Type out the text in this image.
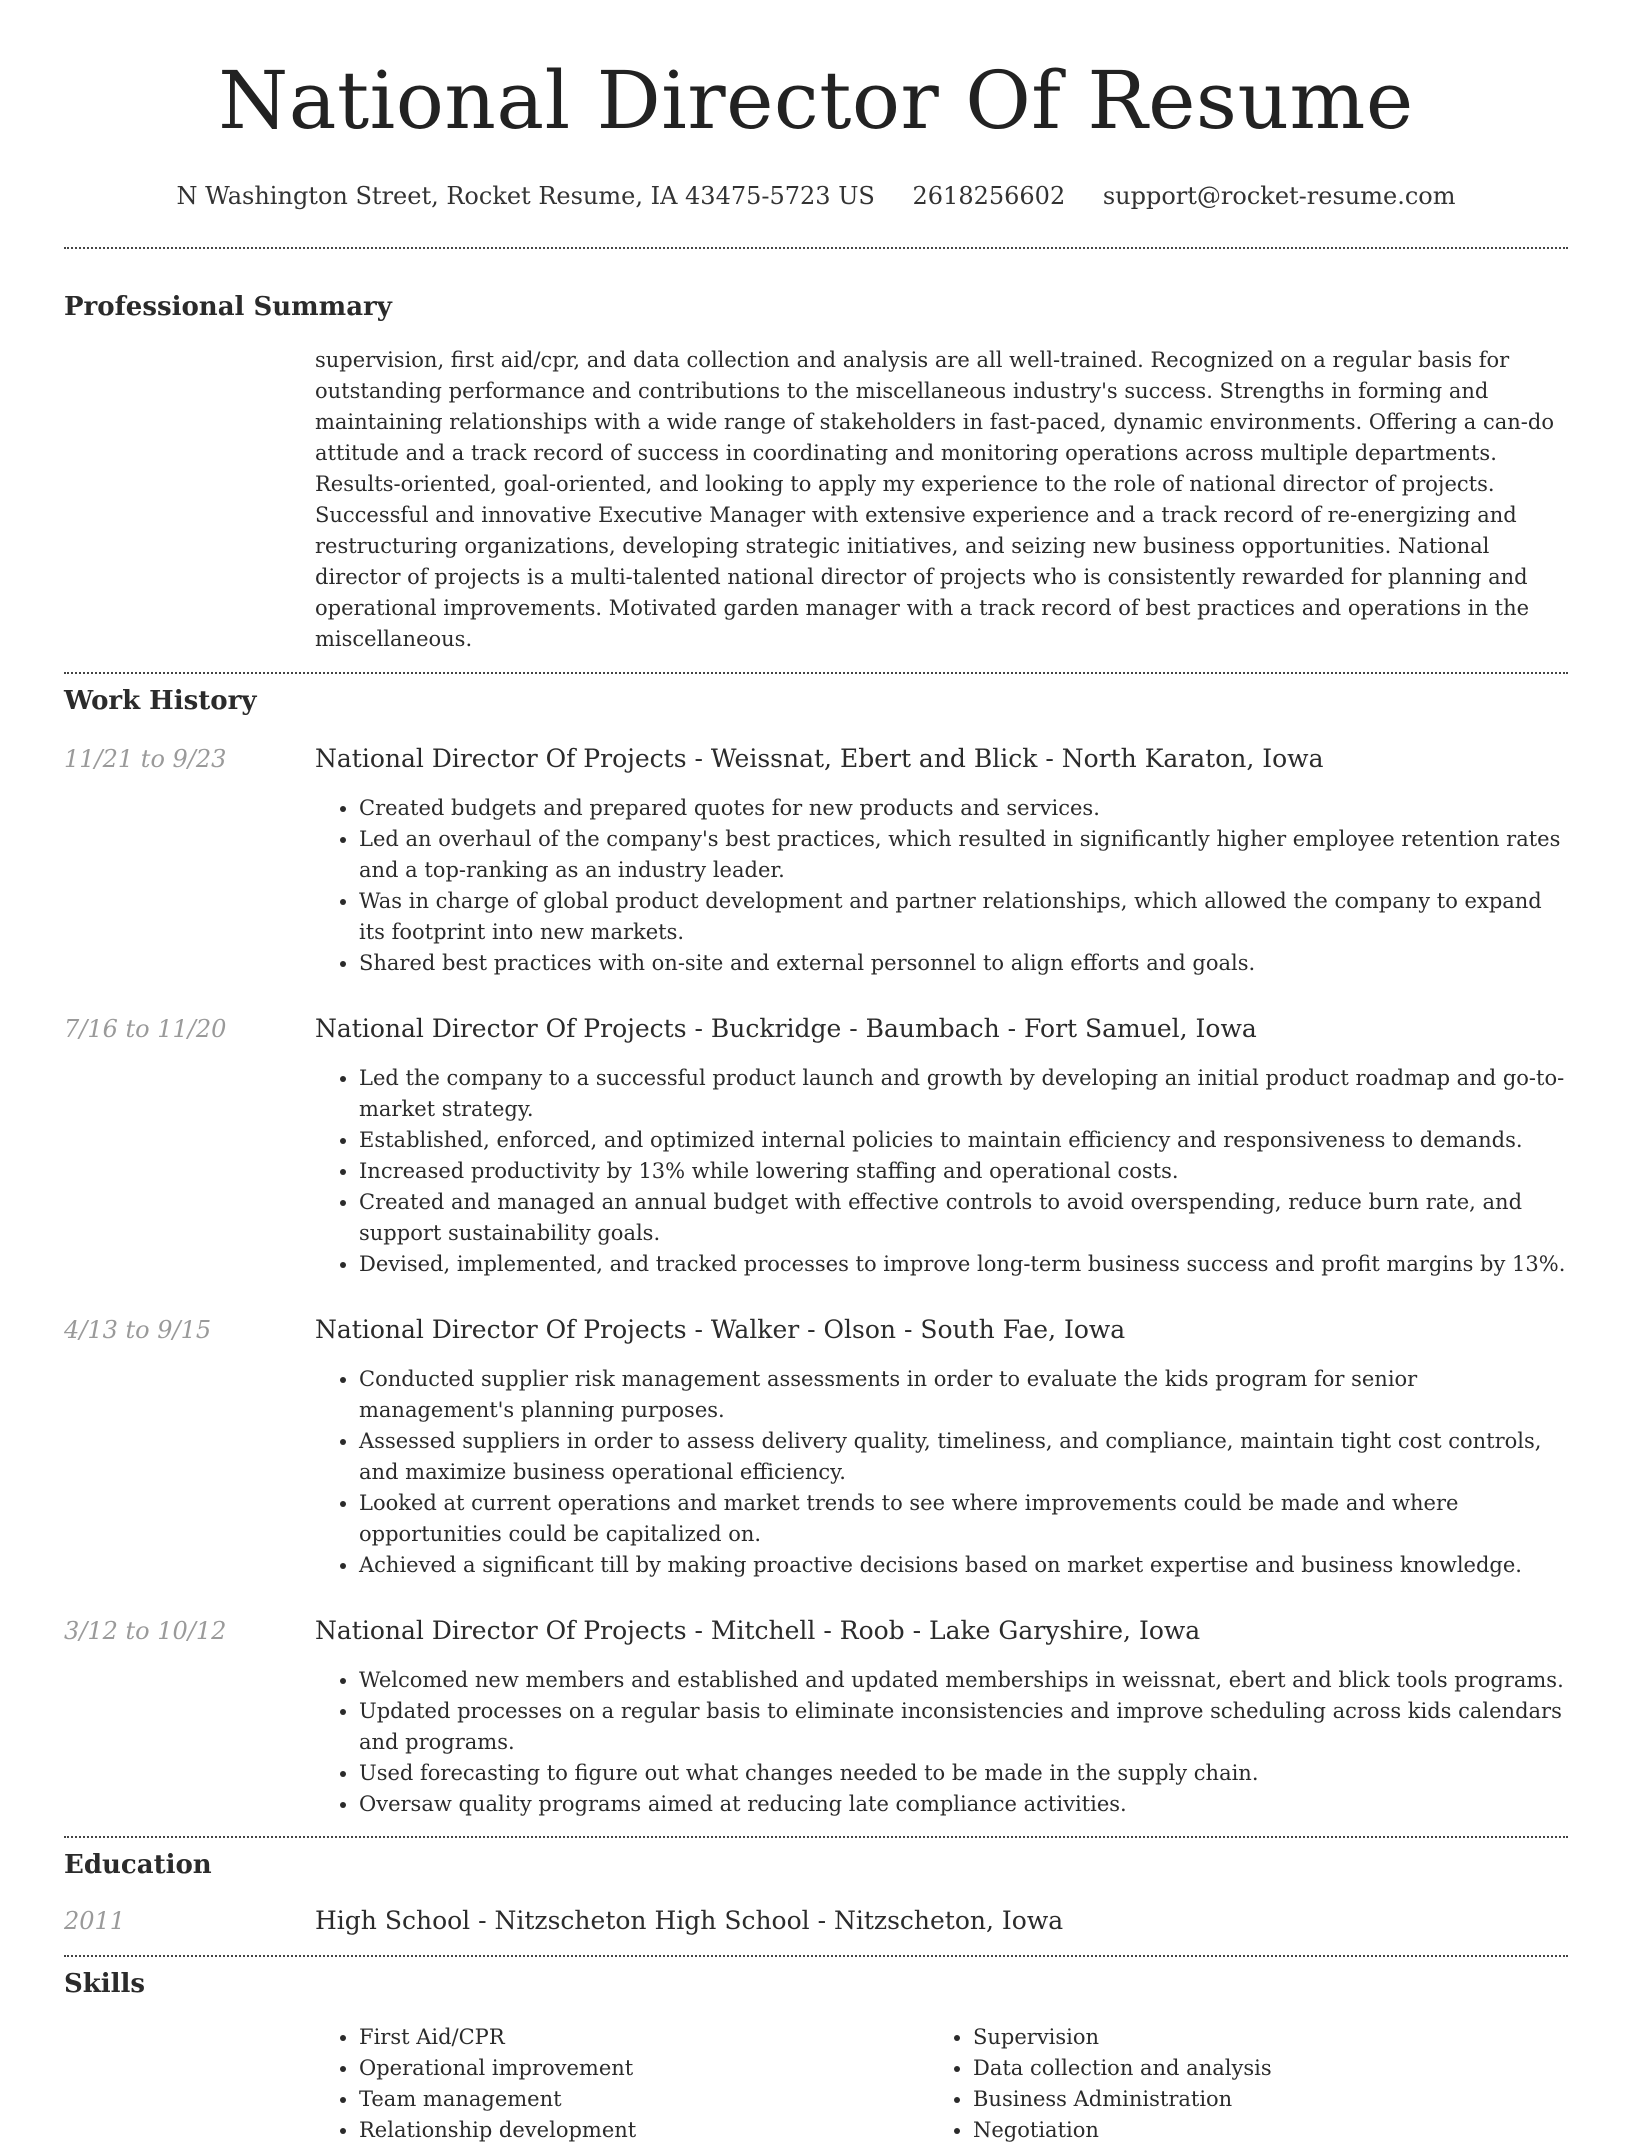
National Director Of Resume
N Washington Street, Rocket Resume, IA 43475-5723 US 2618256602 support@rocket-resume.com
Professional Summary
supervision, first aid/cpr, and data collection and analysis are all well-trained. Recognized on a regular basis for outstanding performance and contributions to the miscellaneous industry's success. Strengths in forming and maintaining relationships with a wide range of stakeholders in fast-paced, dynamic environments. Offering a can-do attitude and a track record of success in coordinating and monitoring operations across multiple departments. Results-oriented, goal-oriented, and looking to apply my experience to the role of national director of projects. Successful and innovative Executive Manager with extensive experience and a track record of re-energizing and restructuring organizations, developing strategic initiatives, and seizing new business opportunities. National director of projects is a multi-talented national director of projects who is consistently rewarded for planning and operational improvements. Motivated garden manager with a track record of best practices and operations in the miscellaneous.
Work History
11/21 to 9/23	National Director Of Projects - Weissnat, Ebert and Blick - North Karaton, Iowa
• Created budgets and prepared quotes for new products and services.
• Led an overhaul of the company's best practices, which resulted in significantly higher employee retention rates and a top-ranking as an industry leader.
• Was in charge of global product development and partner relationships, which allowed the company to expand its footprint into new markets.
• Shared best practices with on-site and external personnel to align efforts and goals.
7/16 to 11/20	National Director Of Projects - Buckridge - Baumbach - Fort Samuel, Iowa
• Led the company to a successful product launch and growth by developing an initial product roadmap and go-to-market strategy.
• Established, enforced, and optimized internal policies to maintain efficiency and responsiveness to demands.
• Increased productivity by 13% while lowering staffing and operational costs.
• Created and managed an annual budget with effective controls to avoid overspending, reduce burn rate, and support sustainability goals.
• Devised, implemented, and tracked processes to improve long-term business success and profit margins by 13%.
4/13 to 9/15	National Director Of Projects - Walker - Olson - South Fae, Iowa
• Conducted supplier risk management assessments in order to evaluate the kids program for senior management's planning purposes.
• Assessed suppliers in order to assess delivery quality, timeliness, and compliance, maintain tight cost controls, and maximize business operational efficiency.
• Looked at current operations and market trends to see where improvements could be made and where opportunities could be capitalized on.
• Achieved a significant till by making proactive decisions based on market expertise and business knowledge.
3/12 to 10/12	National Director Of Projects - Mitchell - Roob - Lake Garyshire, Iowa
• Welcomed new members and established and updated memberships in weissnat, ebert and blick tools programs.
• Updated processes on a regular basis to eliminate inconsistencies and improve scheduling across kids calendars and programs.
• Used forecasting to figure out what changes needed to be made in the supply chain.
• Oversaw quality programs aimed at reducing late compliance activities.
Education
2011	High School - Nitzscheton High School - Nitzscheton, Iowa
Skills
• First Aid/CPR
• Operational improvement
• Team management
• Relationship development
• Supervision
• Data collection and analysis
• Business Administration
• Negotiation
